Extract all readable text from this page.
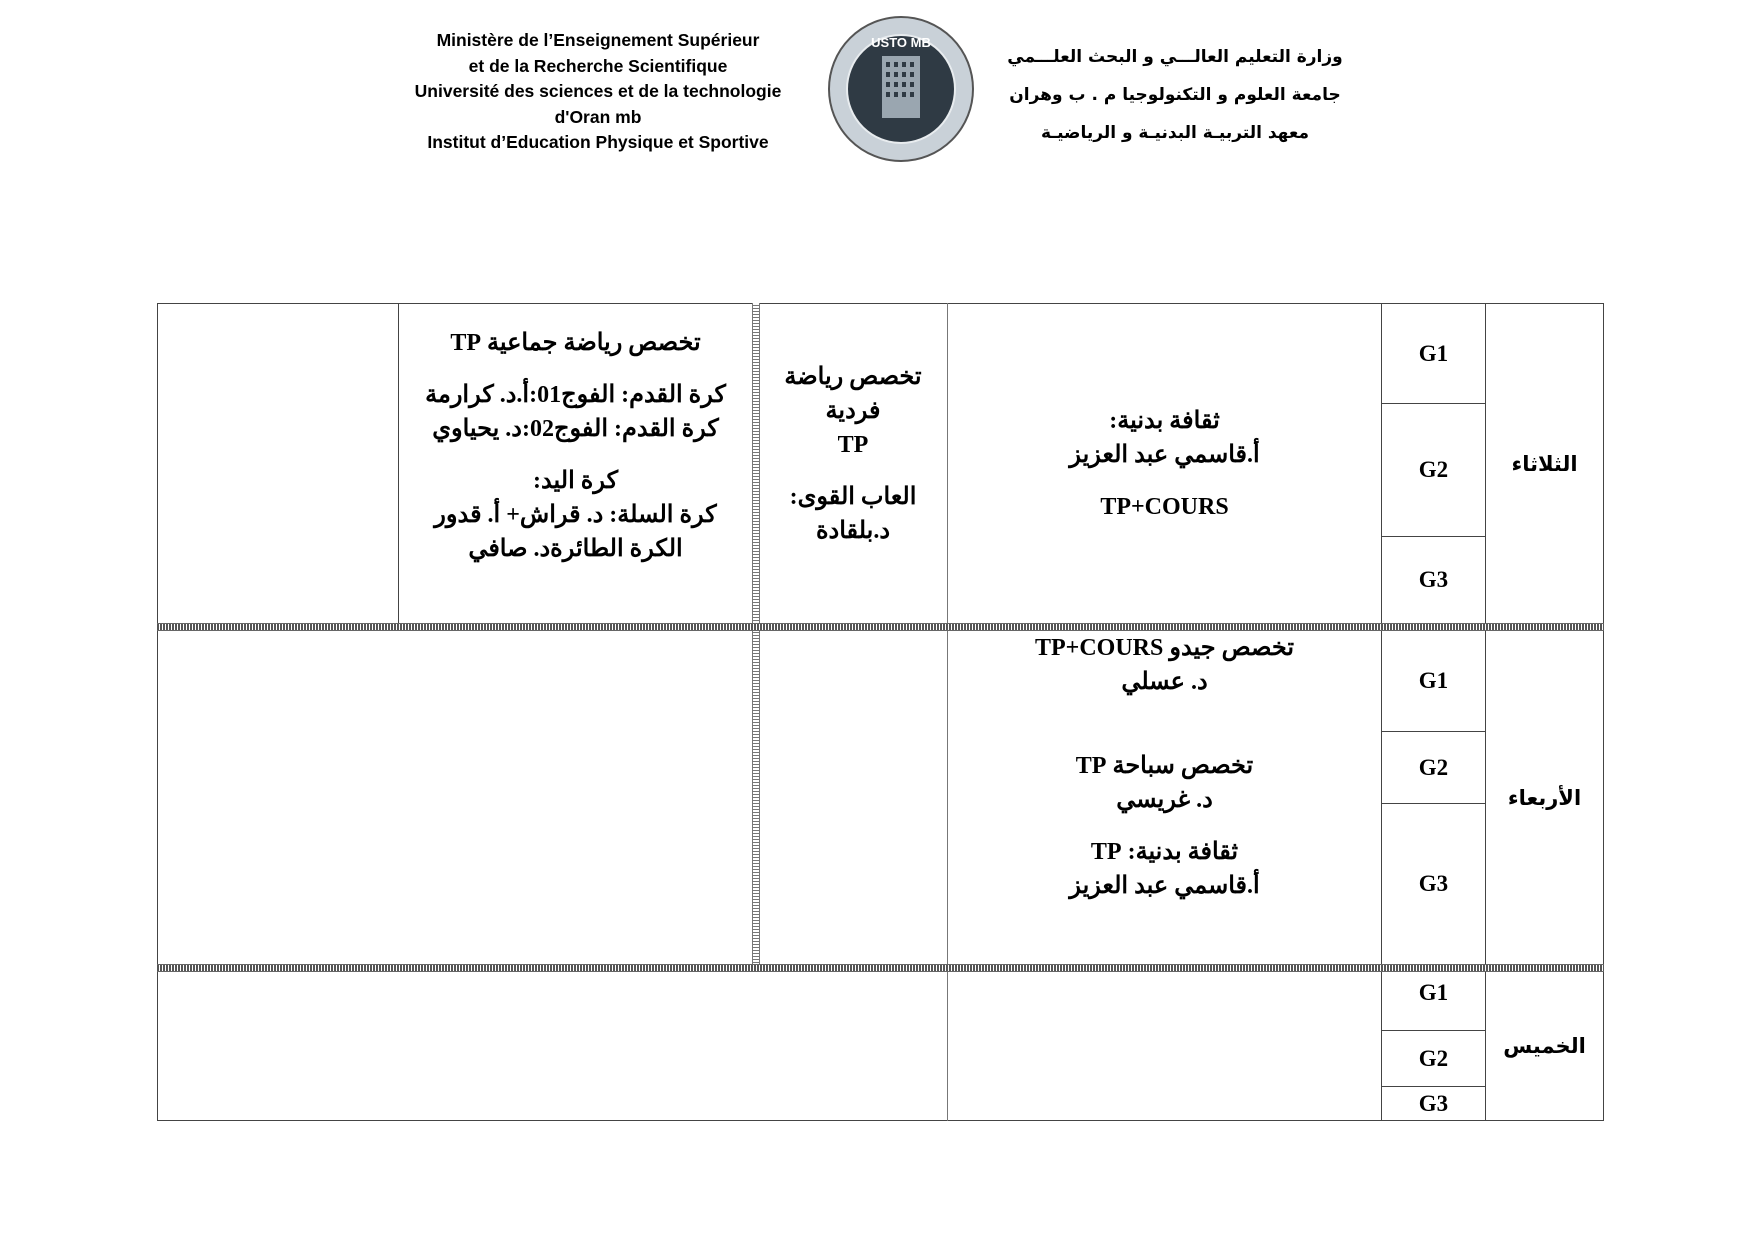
Ministère de l’Enseignement Supérieur
et de la Recherche Scientifique
Université des sciences et de la technologie
d'Oran mb
Institut d’Education Physique et Sportive
USTO MB
وزارة التعليم العالـــي و البحث العلـــمي
جامعة العلوم و التكنولوجيا م . ب وهران
معهد التربيـة البدنيـة و الرياضيـة
الثلاثاء
الأربعاء
الخميس
G1
G2
G3
G1
G2
G3
G1
G2
G3
ثقافة بدنية:
أ.قاسمي عبد العزيز
TP+COURS
تخصص رياضة
فردية
TP
العاب القوى:
د.بلقادة
تخصص رياضة جماعية TP
كرة القدم: الفوج01:أ.د. كرارمة
كرة القدم: الفوج02:د. يحياوي
كرة اليد:
كرة السلة: د. قراش+ أ. قدور
الكرة الطائرةد. صافي
تخصص جيدو TP+COURS
د. عسلي
تخصص سباحة TP
د. غريسي
ثقافة بدنية: TP
أ.قاسمي عبد العزيز
